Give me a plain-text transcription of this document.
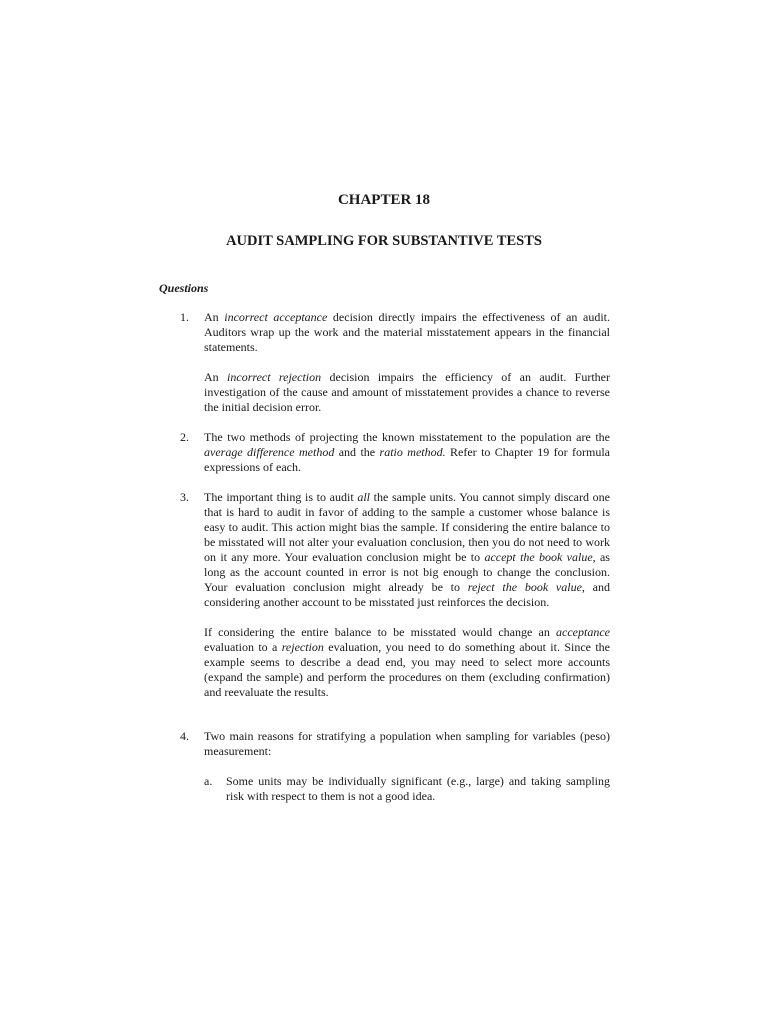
CHAPTER 18
AUDIT SAMPLING FOR SUBSTANTIVE TESTS
Questions
1. An incorrect acceptance decision directly impairs the effectiveness of an audit. Auditors wrap up the work and the material misstatement appears in the financial statements.

An incorrect rejection decision impairs the efficiency of an audit. Further investigation of the cause and amount of misstatement provides a chance to reverse the initial decision error.

2. The two methods of projecting the known misstatement to the population are the average difference method and the ratio method. Refer to Chapter 19 for formula expressions of each.

3. The important thing is to audit all the sample units. You cannot simply discard one that is hard to audit in favor of adding to the sample a customer whose balance is easy to audit. This action might bias the sample. If considering the entire balance to be misstated will not alter your evaluation conclusion, then you do not need to work on it any more. Your evaluation conclusion might be to accept the book value, as long as the account counted in error is not big enough to change the conclusion. Your evaluation conclusion might already be to reject the book value, and considering another account to be misstated just reinforces the decision.

If considering the entire balance to be misstated would change an acceptance evaluation to a rejection evaluation, you need to do something about it. Since the example seems to describe a dead end, you may need to select more accounts (expand the sample) and perform the procedures on them (excluding confirmation) and reevaluate the results.

4. Two main reasons for stratifying a population when sampling for variables (peso) measurement:

a. Some units may be individually significant (e.g., large) and taking sampling risk with respect to them is not a good idea.
